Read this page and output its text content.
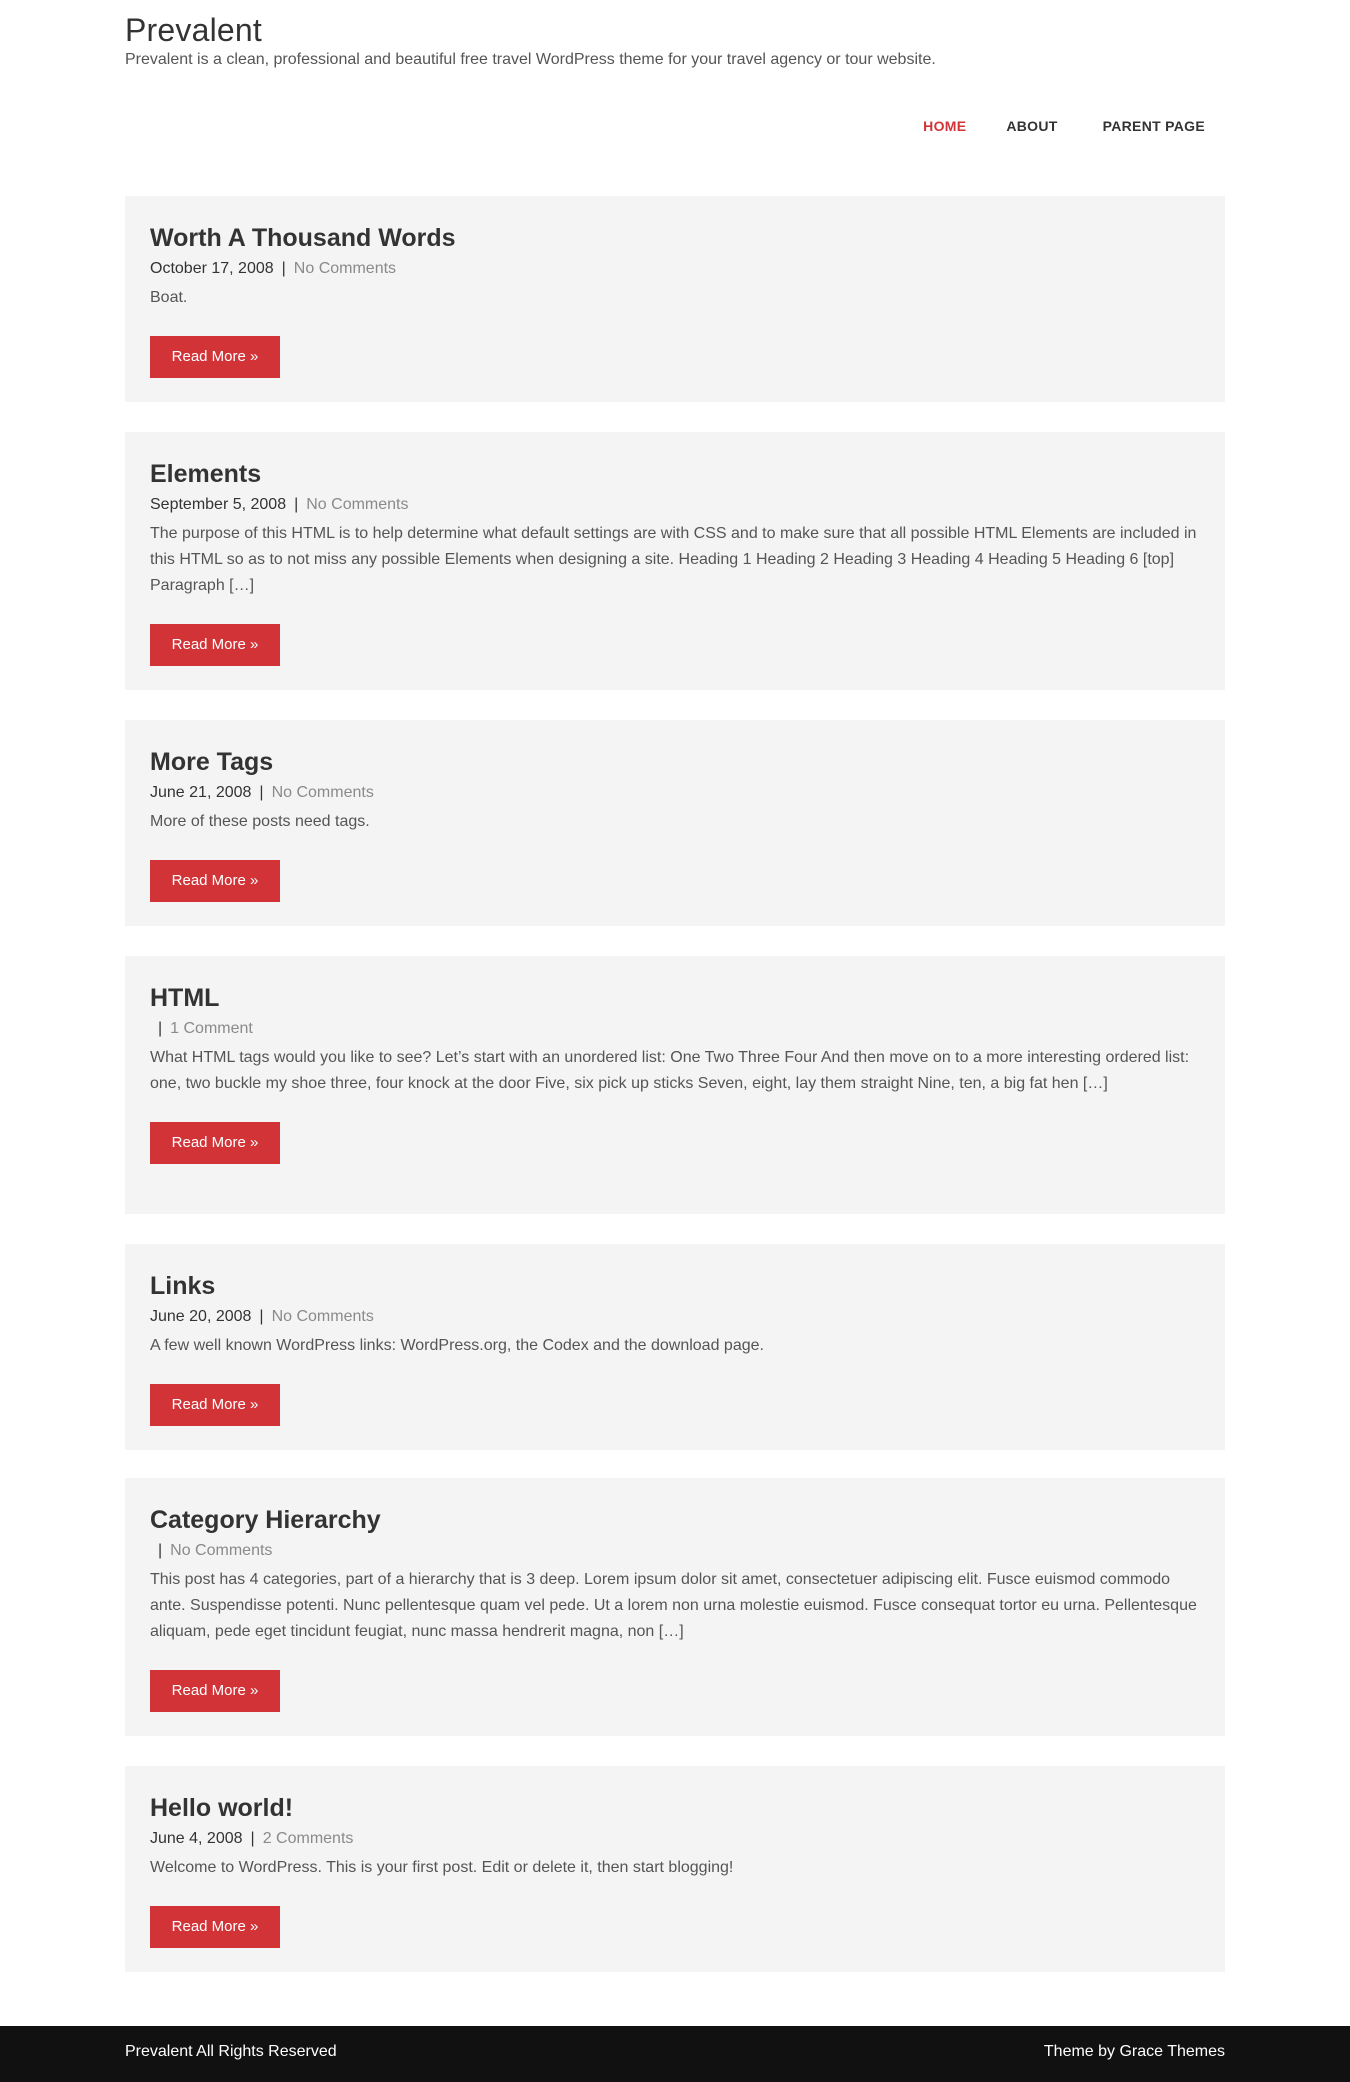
Prevalent
Prevalent is a clean, professional and beautiful free travel WordPress theme for your travel agency or tour website.
HOME	ABOUT	PARENT PAGE
Worth A Thousand Words
October 17, 2008 | No Comments

Boat.

Read More »
Elements
September 5, 2008 | No Comments

The purpose of this HTML is to help determine what default settings are with CSS and to make sure that all possible HTML Elements are included in this HTML so as to not miss any possible Elements when designing a site. Heading 1 Heading 2 Heading 3 Heading 4 Heading 5 Heading 6 [top] Paragraph […]

Read More »
More Tags
June 21, 2008 | No Comments

More of these posts need tags.

Read More »
HTML
| 1 Comment

What HTML tags would you like to see? Let’s start with an unordered list: One Two Three Four And then move on to a more interesting ordered list: one, two buckle my shoe three, four knock at the door Five, six pick up sticks Seven, eight, lay them straight Nine, ten, a big fat hen […]

Read More »
Links
June 20, 2008 | No Comments

A few well known WordPress links: WordPress.org, the Codex and the download page.

Read More »
Category Hierarchy
| No Comments

This post has 4 categories, part of a hierarchy that is 3 deep. Lorem ipsum dolor sit amet, consectetuer adipiscing elit. Fusce euismod commodo ante. Suspendisse potenti. Nunc pellentesque quam vel pede. Ut a lorem non urna molestie euismod. Fusce consequat tortor eu urna. Pellentesque aliquam, pede eget tincidunt feugiat, nunc massa hendrerit magna, non […]

Read More »
Hello world!
June 4, 2008 | 2 Comments

Welcome to WordPress. This is your first post. Edit or delete it, then start blogging!

Read More »
Prevalent All Rights Reserved	Theme by Grace Themes
